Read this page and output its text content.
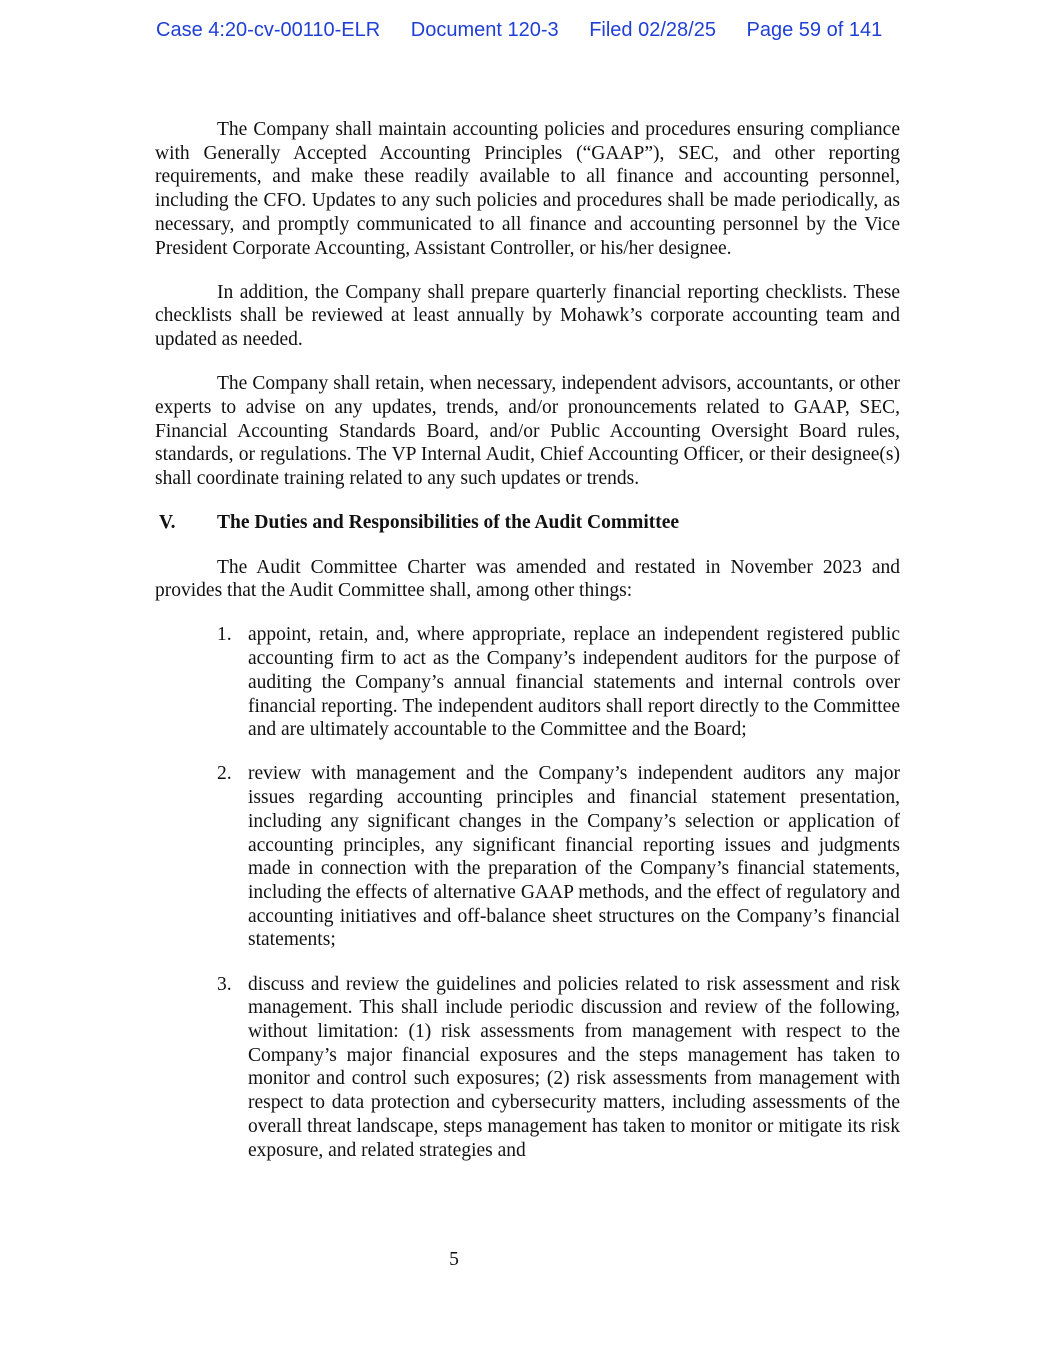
Case 4:20-cv-00110-ELR Document 120-3 Filed 02/28/25 Page 59 of 141

The Company shall maintain accounting policies and procedures ensuring compliance with Generally Accepted Accounting Principles (“GAAP”), SEC, and other reporting requirements, and make these readily available to all finance and accounting personnel, including the CFO. Updates to any such policies and procedures shall be made periodically, as necessary, and promptly communicated to all finance and accounting personnel by the Vice President Corporate Accounting, Assistant Controller, or his/her designee.

In addition, the Company shall prepare quarterly financial reporting checklists. These checklists shall be reviewed at least annually by Mohawk’s corporate accounting team and updated as needed.

The Company shall retain, when necessary, independent advisors, accountants, or other experts to advise on any updates, trends, and/or pronouncements related to GAAP, SEC, Financial Accounting Standards Board, and/or Public Accounting Oversight Board rules, standards, or regulations. The VP Internal Audit, Chief Accounting Officer, or their designee(s) shall coordinate training related to any such updates or trends.

V.	The Duties and Responsibilities of the Audit Committee

The Audit Committee Charter was amended and restated in November 2023 and provides that the Audit Committee shall, among other things:

1. appoint, retain, and, where appropriate, replace an independent registered public accounting firm to act as the Company’s independent auditors for the purpose of auditing the Company’s annual financial statements and internal controls over financial reporting. The independent auditors shall report directly to the Committee and are ultimately accountable to the Committee and the Board;
2. review with management and the Company’s independent auditors any major issues regarding accounting principles and financial statement presentation, including any significant changes in the Company’s selection or application of accounting principles, any significant financial reporting issues and judgments made in connection with the preparation of the Company’s financial statements, including the effects of alternative GAAP methods, and the effect of regulatory and accounting initiatives and off-balance sheet structures on the Company’s financial statements;
3. discuss and review the guidelines and policies related to risk assessment and risk management. This shall include periodic discussion and review of the following, without limitation: (1) risk assessments from management with respect to the Company’s major financial exposures and the steps management has taken to monitor and control such exposures; (2) risk assessments from management with respect to data protection and cybersecurity matters, including assessments of the overall threat landscape, steps management has taken to monitor or mitigate its risk exposure, and related strategies and
5
